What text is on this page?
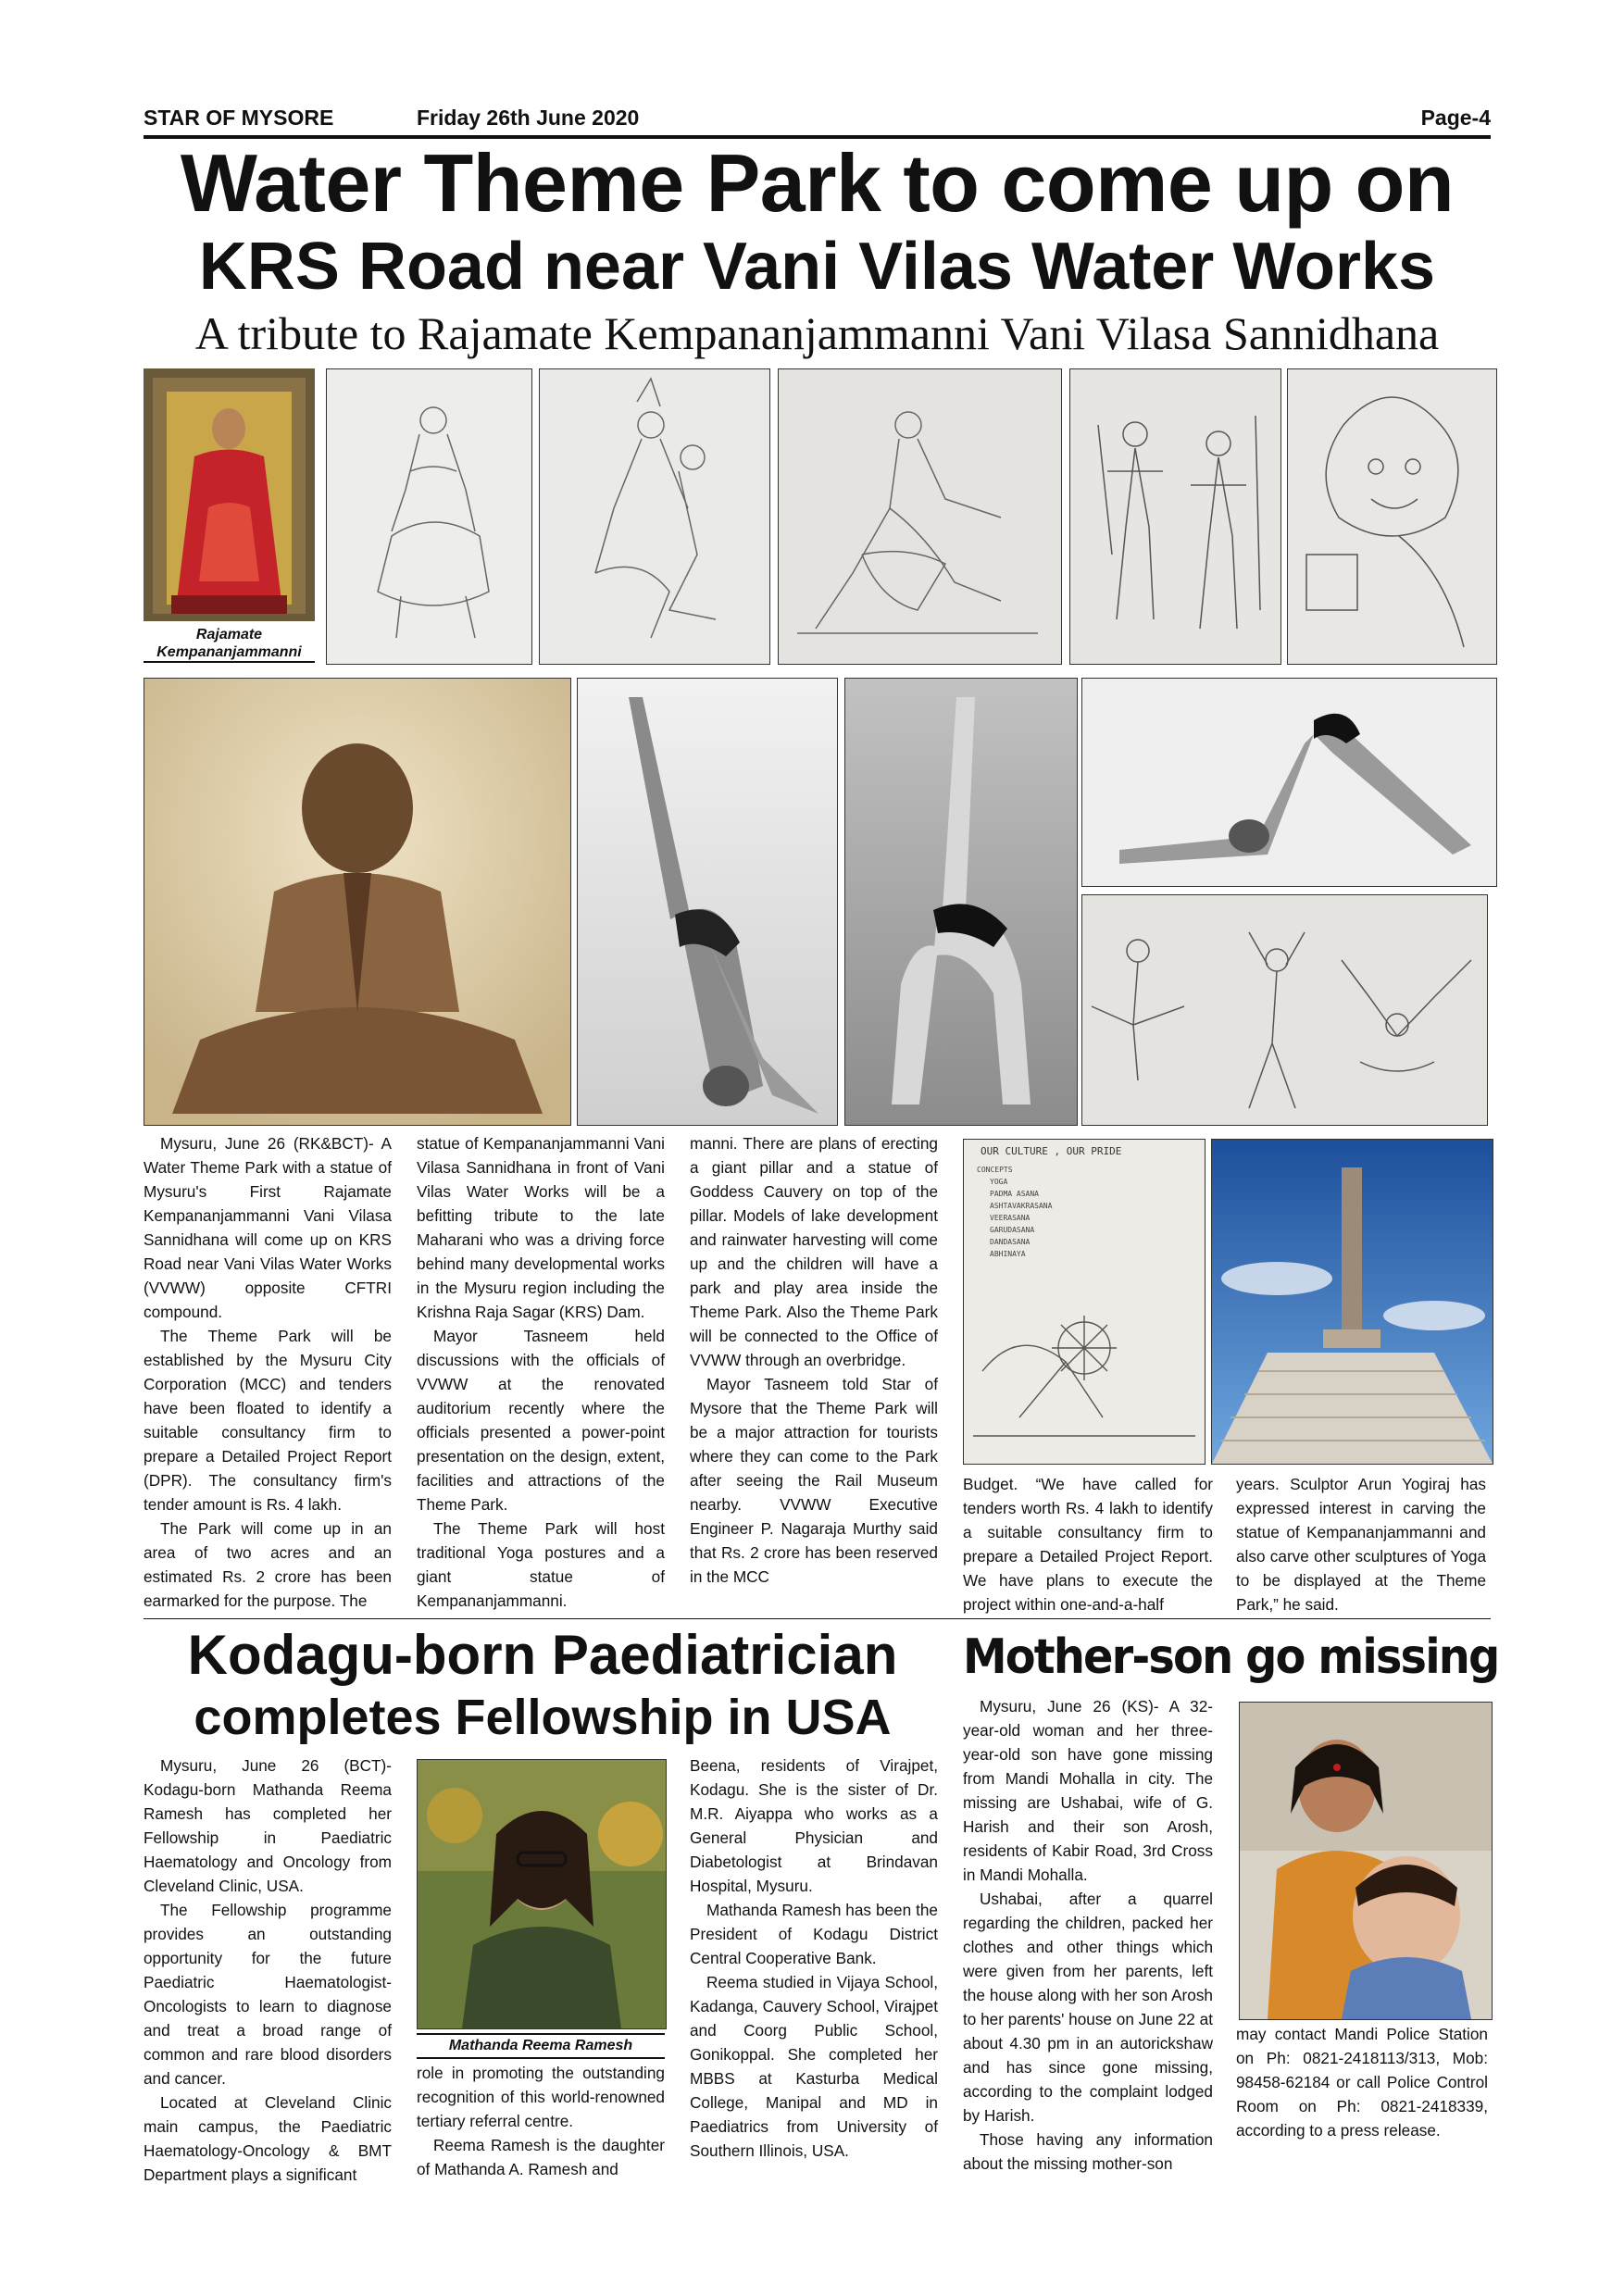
STAR OF MYSORE	Friday 26th June 2020	Page-4
Water Theme Park to come up on
KRS Road near Vani Vilas Water Works
A tribute to Rajamate Kempananjammanni Vani Vilasa Sannidhana
Rajamate
Kempananjammanni

Mysuru, June 26 (RK&BCT)- A Water Theme Park with a statue of Mysuru's First Rajamate Kempananjammanni Vani Vilasa Sannidhana will come up on KRS Road near Vani Vilas Water Works (VVWW) opposite CFTRI compound.

The Theme Park will be established by the Mysuru City Corporation (MCC) and tenders have been floated to identify a suitable consultancy firm to prepare a Detailed Project Report (DPR). The consultancy firm's tender amount is Rs. 4 lakh.

The Park will come up in an area of two acres and an estimated Rs. 2 crore has been earmarked for the purpose. The

statue of Kempananjammanni Vani Vilasa Sannidhana in front of Vani Vilas Water Works will be a befitting tribute to the late Maharani who was a driving force behind many developmental works in the Mysuru region including the Krishna Raja Sagar (KRS) Dam.

Mayor Tasneem held discussions with the officials of VVWW at the renovated auditorium recently where the officials presented a power-point presentation on the design, extent, facilities and attractions of the Theme Park.

The Theme Park will host traditional Yoga postures and a giant statue of Kempananjammanni.

manni. There are plans of erecting a giant pillar and a statue of Goddess Cauvery on top of the pillar. Models of lake development and rainwater harvesting will come up and the children will have a park and play area inside the Theme Park. Also the Theme Park will be connected to the Office of VVWW through an overbridge.

Mayor Tasneem told Star of Mysore that the Theme Park will be a major attraction for tourists where they can come to the Park after seeing the Rail Museum nearby. VVWW Executive Engineer P. Nagaraja Murthy said that Rs. 2 crore has been reserved in the MCC

OUR CULTURE , OUR PRIDE
CONCEPTS
YOGA
PADMA ASANA
ASHTAVAKRASANA
VEERASANA
GARUDASANA
DANDASANA
ABHINAYA

Budget. “We have called for tenders worth Rs. 4 lakh to identify a suitable consultancy firm to prepare a Detailed Project Report. We have plans to execute the project within one-and-a-half

years. Sculptor Arun Yogiraj has expressed interest in carving the statue of Kempananjammanni and also carve other sculptures of Yoga to be displayed at the Theme Park,” he said.

Kodagu-born Paediatrician
completes Fellowship in USA

Mysuru, June 26 (BCT)- Kodagu-born Mathanda Reema Ramesh has completed her Fellowship in Paediatric Haematology and Oncology from Cleveland Clinic, USA.

The Fellowship programme provides an outstanding opportunity for the future Paediatric Haematologist-Oncologists to learn to diagnose and treat a broad range of common and rare blood disorders and cancer.

Located at Cleveland Clinic main campus, the Paediatric Haematology-Oncology & BMT Department plays a significant

Mathanda Reema Ramesh

role in promoting the outstanding recognition of this world-renowned tertiary referral centre.

Reema Ramesh is the daughter of Mathanda A. Ramesh and

Beena, residents of Virajpet, Kodagu. She is the sister of Dr. M.R. Aiyappa who works as a General Physician and Diabetologist at Brindavan Hospital, Mysuru.

Mathanda Ramesh has been the President of Kodagu District Central Cooperative Bank.

Reema studied in Vijaya School, Kadanga, Cauvery School, Virajpet and Coorg Public School, Gonikoppal. She completed her MBBS at Kasturba Medical College, Manipal and MD in Paediatrics from University of Southern Illinois, USA.

Mother-son go missing

Mysuru, June 26 (KS)- A 32-year-old woman and her three-year-old son have gone missing from Mandi Mohalla in city. The missing are Ushabai, wife of G. Harish and their son Arosh, residents of Kabir Road, 3rd Cross in Mandi Mohalla.

Ushabai, after a quarrel regarding the children, packed her clothes and other things which were given from her parents, left the house along with her son Arosh to her parents' house on June 22 at about 4.30 pm in an autorickshaw and has since gone missing, according to the complaint lodged by Harish.

Those having any information about the missing mother-son

may contact Mandi Police Station on Ph: 0821-2418113/313, Mob: 98458-62184 or call Police Control Room on Ph: 0821-2418339, according to a press release.
